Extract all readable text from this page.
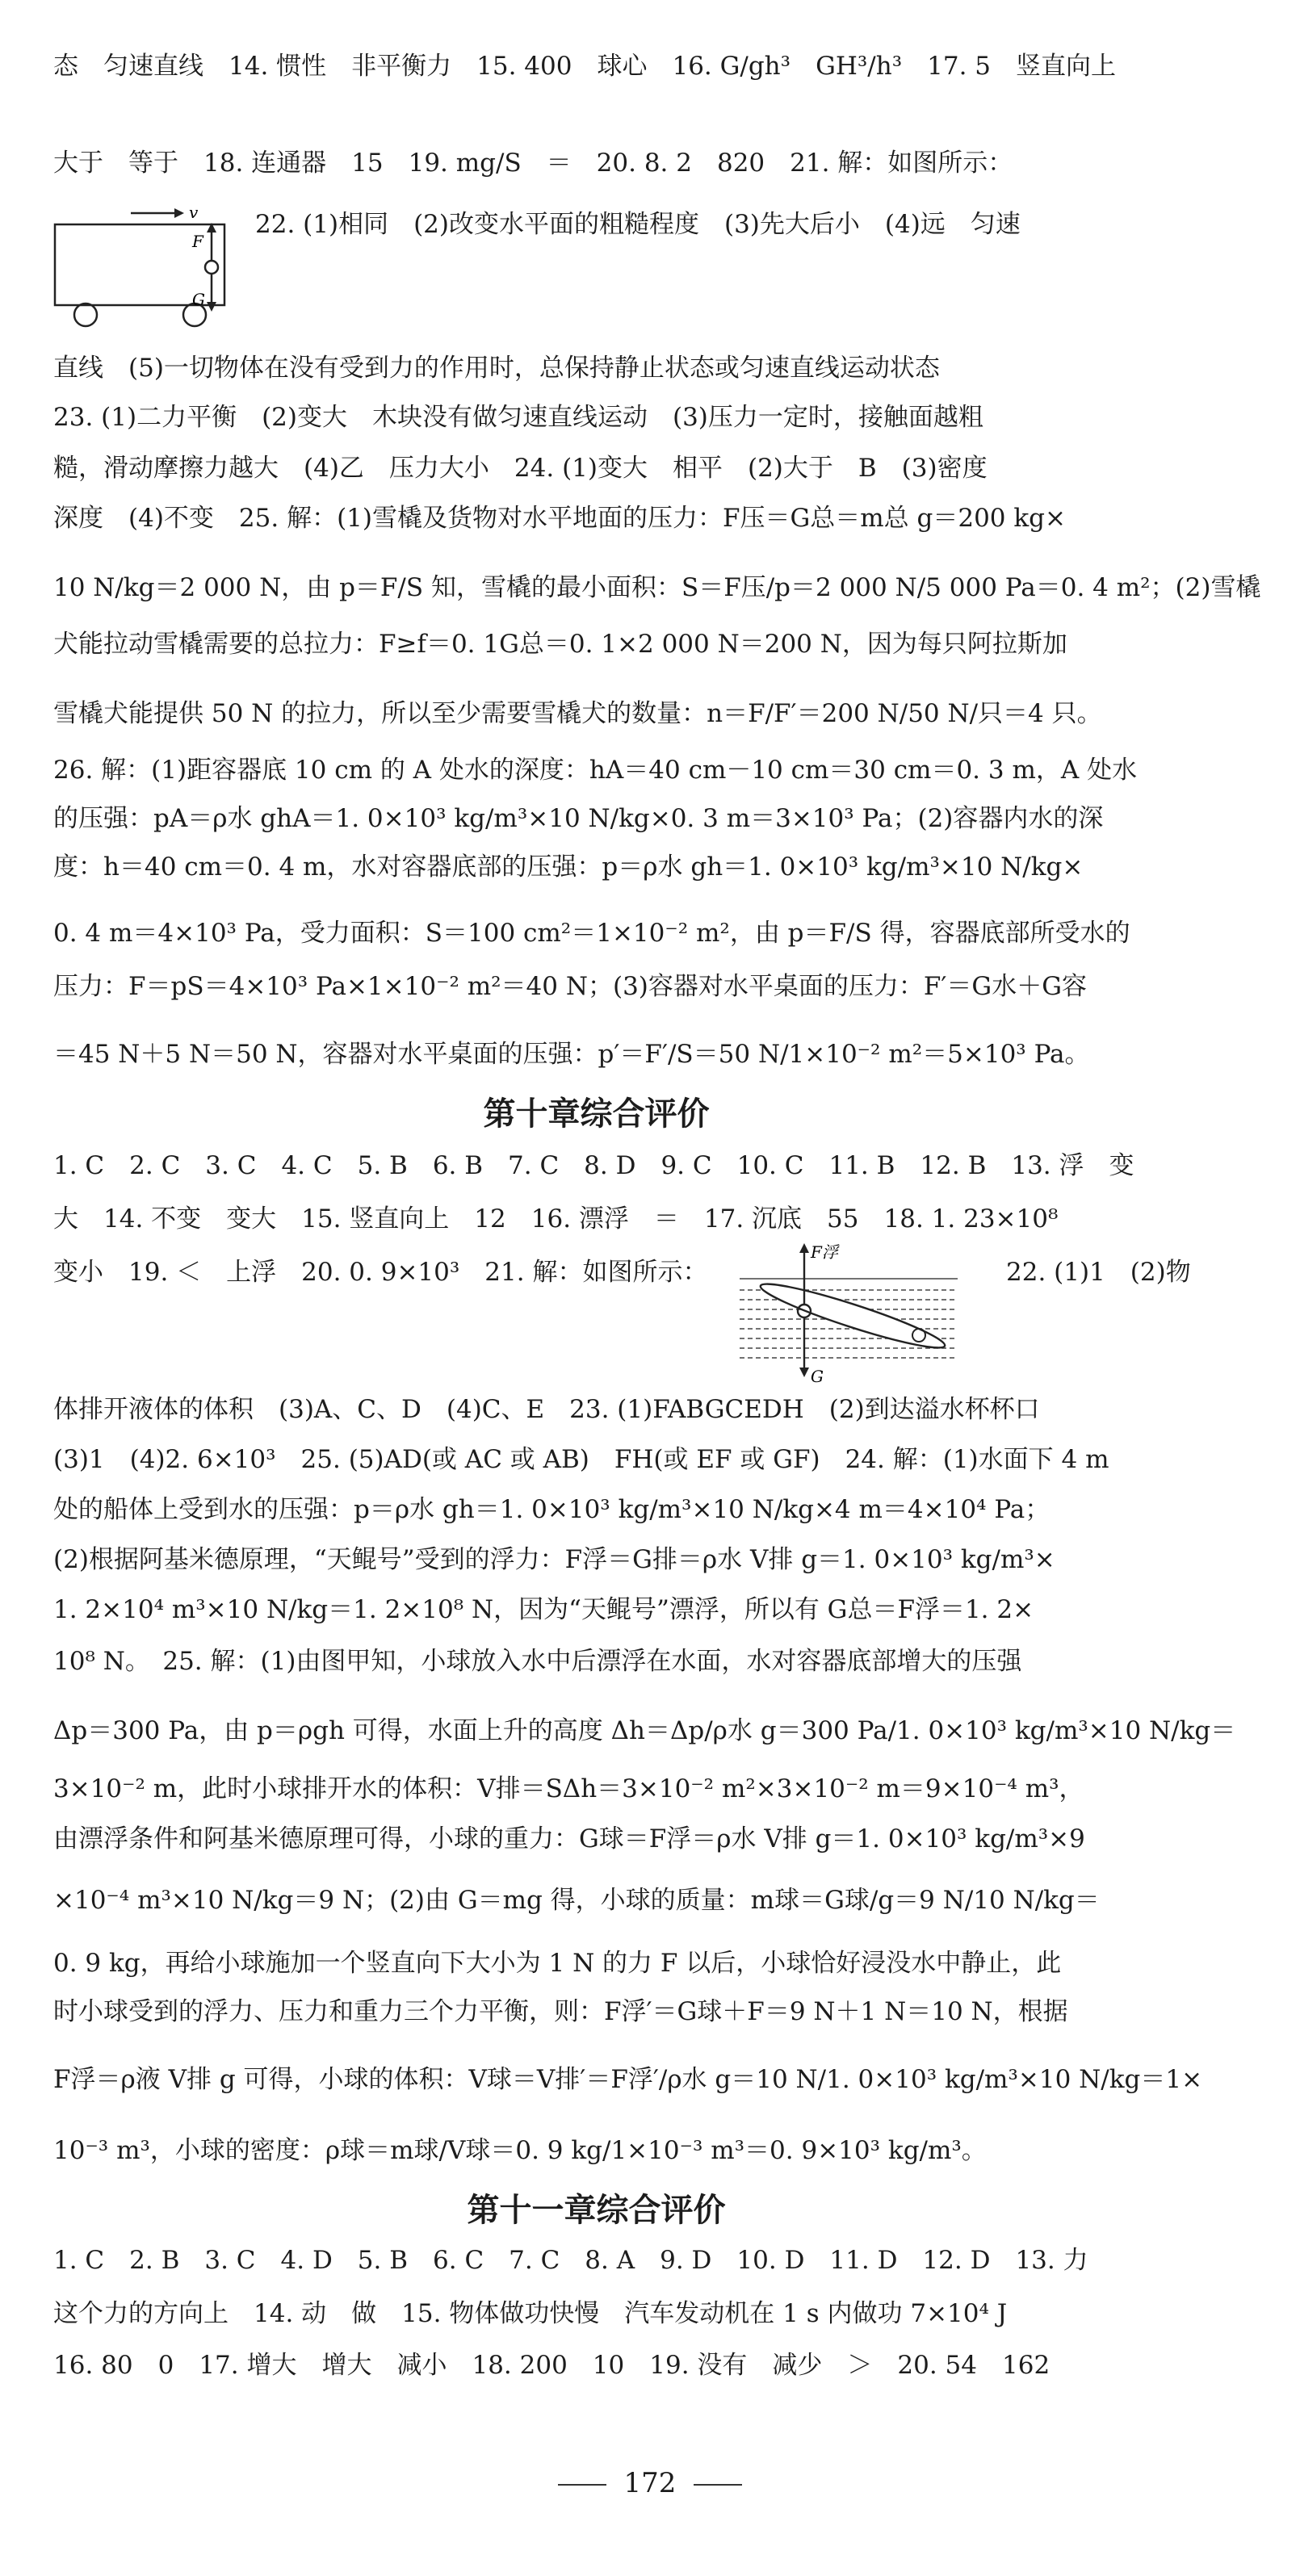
态　匀速直线　14. 惯性　非平衡力　15. 400　球心　16. G/gh³　GH³/h³　17. 5　竖直向上
大于　等于　18. 连通器　15　19. mg/S　＝　20. 8. 2　820　21. 解：如图所示：
v
F
G
22. (1)相同　(2)改变水平面的粗糙程度　(3)先大后小　(4)远　匀速
直线　(5)一切物体在没有受到力的作用时，总保持静止状态或匀速直线运动状态
23. (1)二力平衡　(2)变大　木块没有做匀速直线运动　(3)压力一定时，接触面越粗
糙，滑动摩擦力越大　(4)乙　压力大小　24. (1)变大　相平　(2)大于　B　(3)密度
深度　(4)不变　25. 解：(1)雪橇及货物对水平地面的压力：F压＝G总＝m总 g＝200 kg×
10 N/kg＝2 000 N，由 p＝F/S 知，雪橇的最小面积：S＝F压/p＝2 000 N/5 000 Pa＝0. 4 m²；(2)雪橇
犬能拉动雪橇需要的总拉力：F≥f＝0. 1G总＝0. 1×2 000 N＝200 N，因为每只阿拉斯加
雪橇犬能提供 50 N 的拉力，所以至少需要雪橇犬的数量：n＝F/F′＝200 N/50 N/只＝4 只。
26. 解：(1)距容器底 10 cm 的 A 处水的深度：hA＝40 cm－10 cm＝30 cm＝0. 3 m，A 处水
的压强：pA＝ρ水 ghA＝1. 0×10³ kg/m³×10 N/kg×0. 3 m＝3×10³ Pa；(2)容器内水的深
度：h＝40 cm＝0. 4 m，水对容器底部的压强：p＝ρ水 gh＝1. 0×10³ kg/m³×10 N/kg×
0. 4 m＝4×10³ Pa，受力面积：S＝100 cm²＝1×10⁻² m²，由 p＝F/S 得，容器底部所受水的
压力：F＝pS＝4×10³ Pa×1×10⁻² m²＝40 N；(3)容器对水平桌面的压力：F′＝G水＋G容
＝45 N＋5 N＝50 N，容器对水平桌面的压强：p′＝F′/S＝50 N/1×10⁻² m²＝5×10³ Pa。
第十章综合评价
1. C　2. C　3. C　4. C　5. B　6. B　7. C　8. D　9. C　10. C　11. B　12. B　13. 浮　变
大　14. 不变　变大　15. 竖直向上　12　16. 漂浮　＝　17. 沉底　55　18. 1. 23×10⁸
变小　19. ＜　上浮　20. 0. 9×10³　21. 解：如图所示：
F浮
G
22. (1)1　(2)物
体排开液体的体积　(3)A、C、D　(4)C、E　23. (1)FABGCEDH　(2)到达溢水杯杯口
(3)1　(4)2. 6×10³　25. (5)AD(或 AC 或 AB)　FH(或 EF 或 GF)　24. 解：(1)水面下 4 m
处的船体上受到水的压强：p＝ρ水 gh＝1. 0×10³ kg/m³×10 N/kg×4 m＝4×10⁴ Pa；
(2)根据阿基米德原理，“天鲲号”受到的浮力：F浮＝G排＝ρ水 V排 g＝1. 0×10³ kg/m³×
1. 2×10⁴ m³×10 N/kg＝1. 2×10⁸ N，因为“天鲲号”漂浮，所以有 G总＝F浮＝1. 2×
10⁸ N。　25. 解：(1)由图甲知，小球放入水中后漂浮在水面，水对容器底部增大的压强
Δp＝300 Pa，由 p＝ρgh 可得，水面上升的高度 Δh＝Δp/ρ水 g＝300 Pa/1. 0×10³ kg/m³×10 N/kg＝
3×10⁻² m，此时小球排开水的体积：V排＝SΔh＝3×10⁻² m²×3×10⁻² m＝9×10⁻⁴ m³，
由漂浮条件和阿基米德原理可得，小球的重力：G球＝F浮＝ρ水 V排 g＝1. 0×10³ kg/m³×9
×10⁻⁴ m³×10 N/kg＝9 N；(2)由 G＝mg 得，小球的质量：m球＝G球/g＝9 N/10 N/kg＝
0. 9 kg，再给小球施加一个竖直向下大小为 1 N 的力 F 以后，小球恰好浸没水中静止，此
时小球受到的浮力、压力和重力三个力平衡，则：F浮′＝G球＋F＝9 N＋1 N＝10 N，根据
F浮＝ρ液 V排 g 可得，小球的体积：V球＝V排′＝F浮′/ρ水 g＝10 N/1. 0×10³ kg/m³×10 N/kg＝1×
10⁻³ m³，小球的密度：ρ球＝m球/V球＝0. 9 kg/1×10⁻³ m³＝0. 9×10³ kg/m³。
第十一章综合评价
1. C　2. B　3. C　4. D　5. B　6. C　7. C　8. A　9. D　10. D　11. D　12. D　13. 力
这个力的方向上　14. 动　做　15. 物体做功快慢　汽车发动机在 1 s 内做功 7×10⁴ J
16. 80　0　17. 增大　增大　减小　18. 200　10　19. 没有　减少　＞　20. 54　162
172
